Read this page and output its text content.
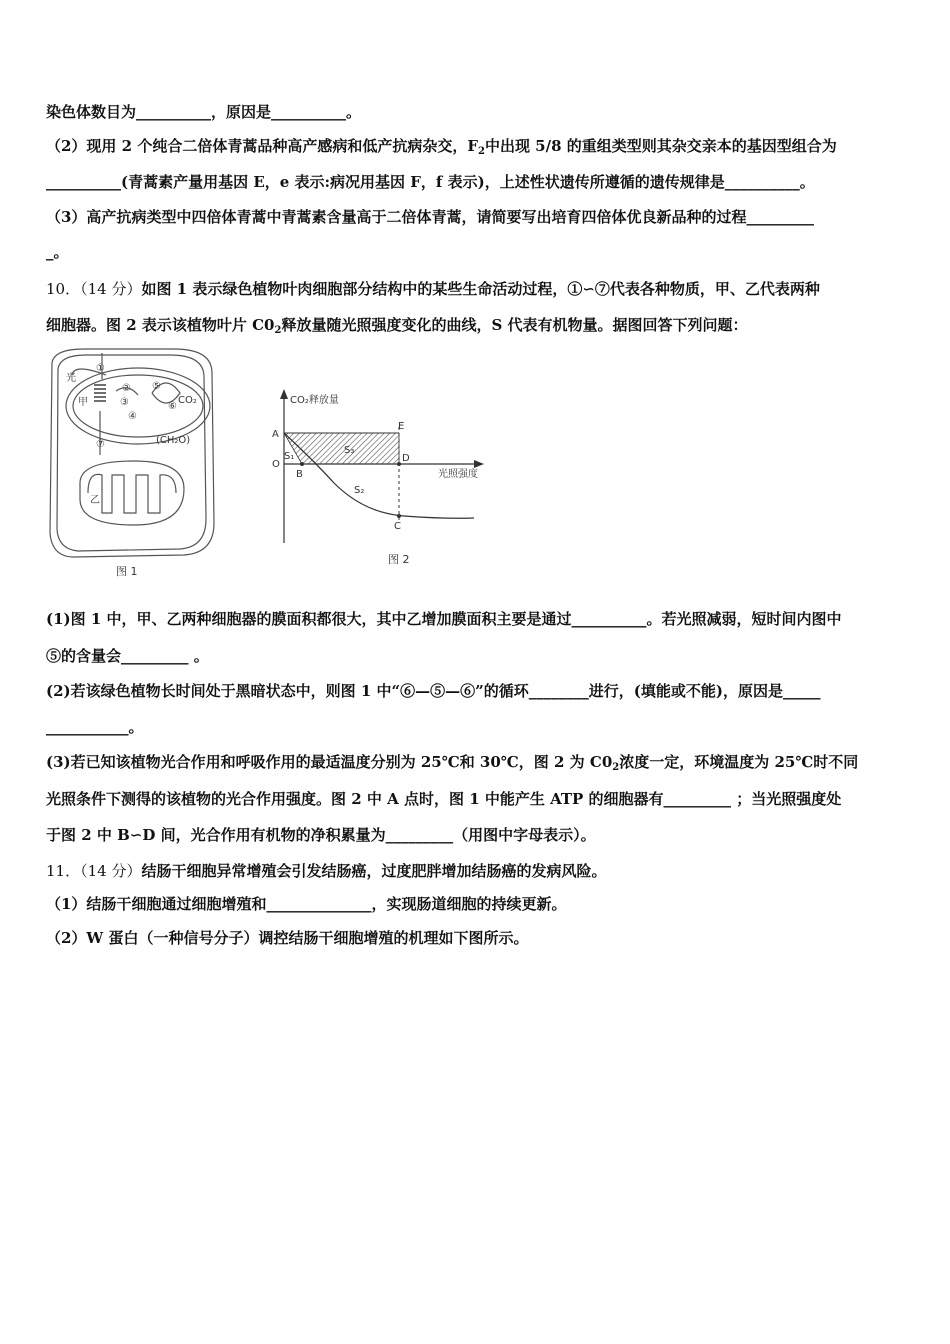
染色体数目为__________，原因是__________。
（2）现用 2 个纯合二倍体青蒿品种高产感病和低产抗病杂交，$F_2$中出现 5/8 的重组类型则其杂交亲本的基因型组合为
__________(青蒿素产量用基因 E，e 表示:病况用基因 F，f 表示)，上述性状遗传所遵循的遗传规律是__________。
（3）高产抗病类型中四倍体青蒿中青蒿素含量高于二倍体青蒿，请简要写出培育四倍体优良新品种的过程_________
_。
10．（14 分）如图 1 表示绿色植物叶肉细胞部分结构中的某些生命活动过程，①∽⑦代表各种物质，甲、乙代表两种
细胞器。图 2 表示该植物叶片 $C0_2$释放量随光照强度变化的曲线，S 代表有机物量。据图回答下列问题：
光
甲
乙
CO₂
(CH₂O)
①
②
③
④
⑤
⑥
⑦
图 1
CO₂释放量
光照强度
A
E
O
B
D
C
S₁
S₂
S₃
图 2
(1)图 1 中，甲、乙两种细胞器的膜面积都很大，其中乙增加膜面积主要是通过__________。若光照减弱，短时间内图中
⑤的含量会_________ 。
(2)若该绿色植物长时间处于黑暗状态中，则图 1 中“⑥—⑤—⑥”的循环________进行，(填能或不能)，原因是_____
___________。
(3)若已知该植物光合作用和呼吸作用的最适温度分别为 25℃和 30℃，图 2 为 $C0_2$浓度一定，环境温度为 25℃时不同
光照条件下测得的该植物的光合作用强度。图 2 中 A 点时，图 1 中能产生 ATP 的细胞器有_________ ；当光照强度处
于图 2 中 B∽D 间，光合作用有机物的净积累量为_________（用图中字母表示）。
11．（14 分）结肠干细胞异常增殖会引发结肠癌，过度肥胖增加结肠癌的发病风险。
（1）结肠干细胞通过细胞增殖和______________，实现肠道细胞的持续更新。
（2）W 蛋白（一种信号分子）调控结肠干细胞增殖的机理如下图所示。
